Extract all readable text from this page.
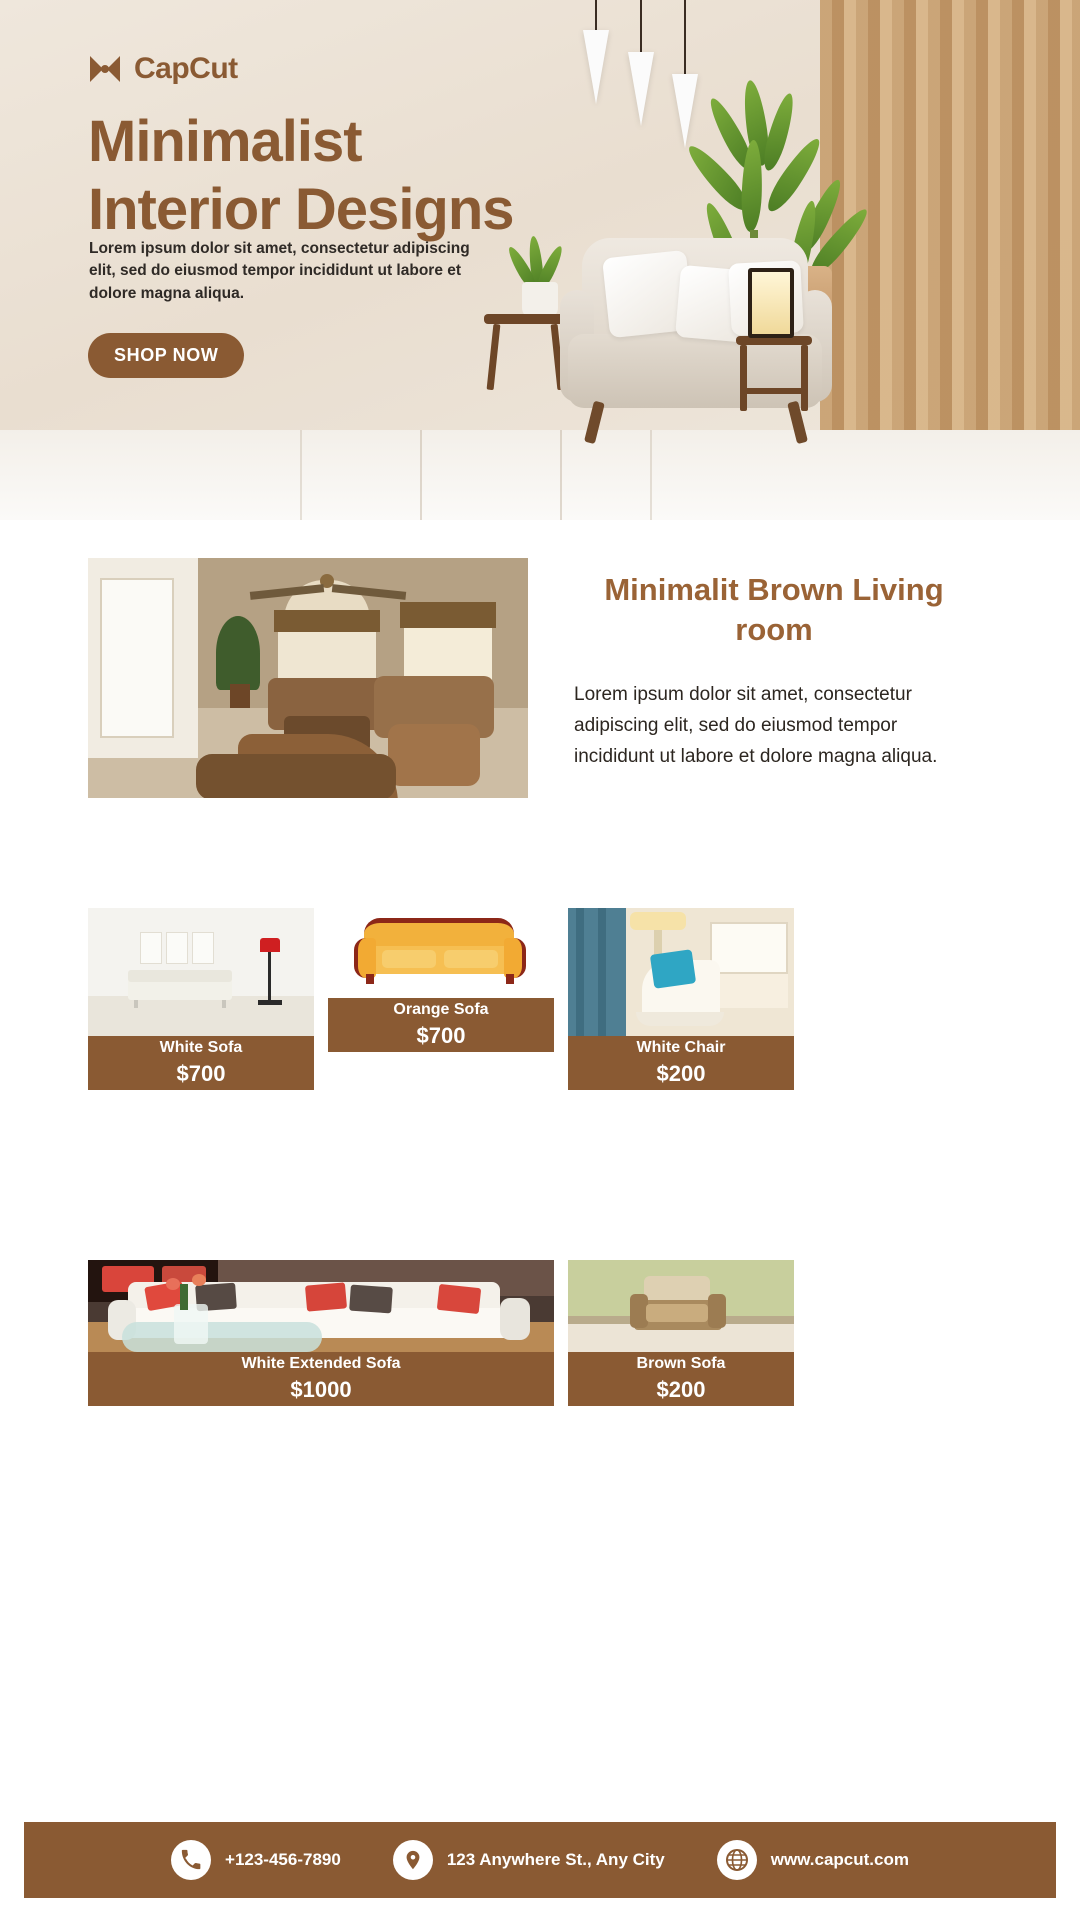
CapCut
Minimalist
Interior Designs

Lorem ipsum dolor sit amet, consectetur adipiscing elit, sed do eiusmod tempor incididunt ut labore et dolore magna aliqua.

SHOP NOW
Minimalit Brown Living room

Lorem ipsum dolor sit amet, consectetur adipiscing elit, sed do eiusmod tempor incididunt ut labore et dolore magna aliqua.

White Sofa
$700
Orange Sofa
$700	White Chair
$200
White Extended Sofa
$1000
Brown Sofa
$200
+123-456-7890	123 Anywhere St., Any City	www.capcut.com
